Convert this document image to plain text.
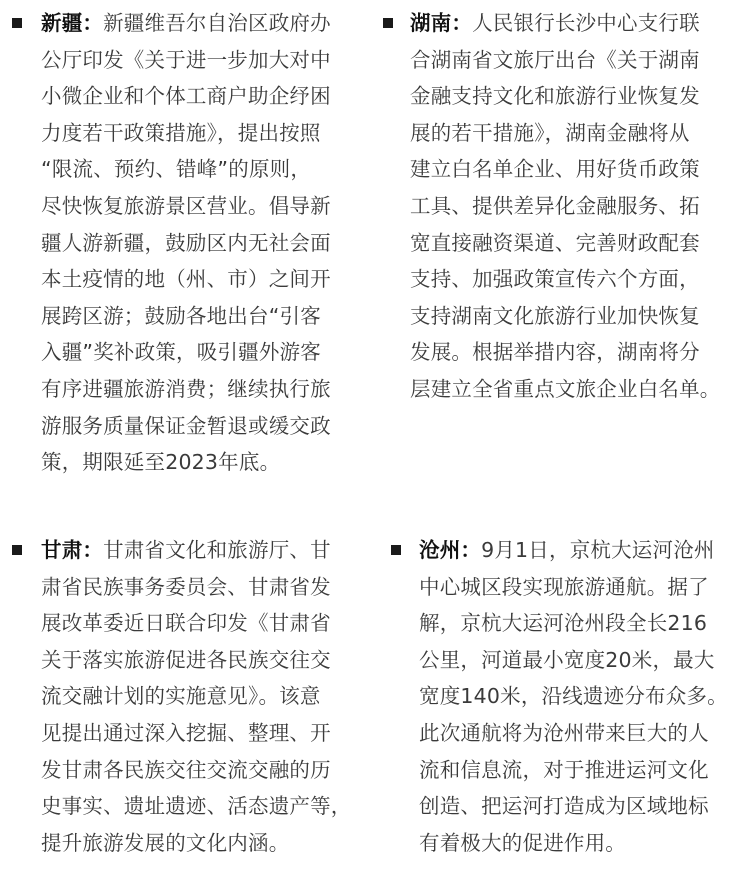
新疆：新疆维吾尔自治区政府办
公厅印发《关于进一步加大对中
小微企业和个体工商户助企纾困
力度若干政策措施》，提出按照
“限流、预约、错峰”的原则，
尽快恢复旅游景区营业。倡导新
疆人游新疆，鼓励区内无社会面
本土疫情的地（州、市）之间开
展跨区游；鼓励各地出台“引客
入疆”奖补政策，吸引疆外游客
有序进疆旅游消费；继续执行旅
游服务质量保证金暂退或缓交政
策，期限延至2023年底。
湖南：人民银行长沙中心支行联
合湖南省文旅厅出台《关于湖南
金融支持文化和旅游行业恢复发
展的若干措施》，湖南金融将从
建立白名单企业、用好货币政策
工具、提供差异化金融服务、拓
宽直接融资渠道、完善财政配套
支持、加强政策宣传六个方面，
支持湖南文化旅游行业加快恢复
发展。根据举措内容，湖南将分
层建立全省重点文旅企业白名单。
甘肃：甘肃省文化和旅游厅、甘
肃省民族事务委员会、甘肃省发
展改革委近日联合印发《甘肃省
关于落实旅游促进各民族交往交
流交融计划的实施意见》。该意
见提出通过深入挖掘、整理、开
发甘肃各民族交往交流交融的历
史事实、遗址遗迹、活态遗产等，
提升旅游发展的文化内涵。
沧州：9月1日，京杭大运河沧州
中心城区段实现旅游通航。据了
解，京杭大运河沧州段全长216
公里，河道最小宽度20米，最大
宽度140米，沿线遗迹分布众多。
此次通航将为沧州带来巨大的人
流和信息流，对于推进运河文化
创造、把运河打造成为区域地标
有着极大的促进作用。
